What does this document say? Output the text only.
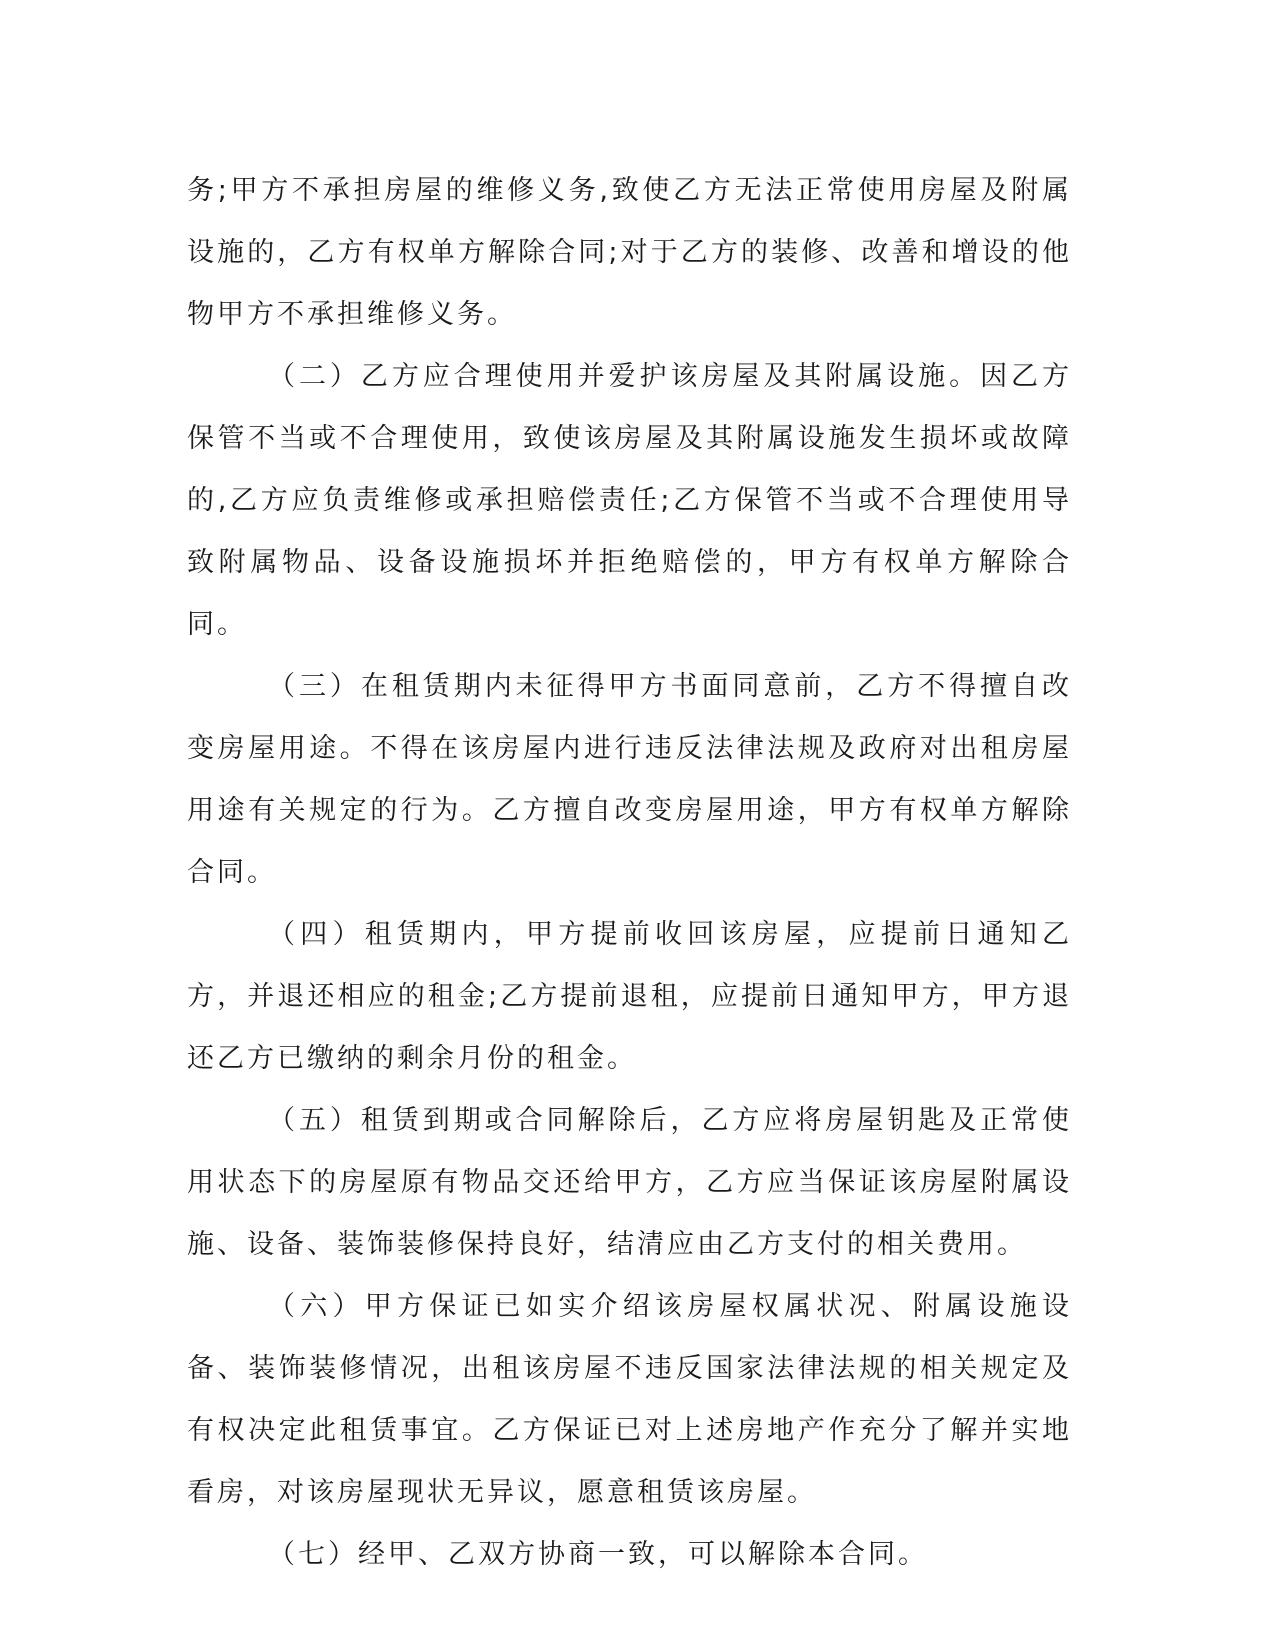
务;甲方不承担房屋的维修义务,致使乙方无法正常使用房屋及附属设施的，乙方有权单方解除合同;对于乙方的装修、改善和增设的他物甲方不承担维修义务。

（二）乙方应合理使用并爱护该房屋及其附属设施。因乙方保管不当或不合理使用，致使该房屋及其附属设施发生损坏或故障的,乙方应负责维修或承担赔偿责任;乙方保管不当或不合理使用导致附属物品、设备设施损坏并拒绝赔偿的，甲方有权单方解除合同。

（三）在租赁期内未征得甲方书面同意前，乙方不得擅自改变房屋用途。不得在该房屋内进行违反法律法规及政府对出租房屋用途有关规定的行为。乙方擅自改变房屋用途，甲方有权单方解除合同。

（四）租赁期内，甲方提前收回该房屋，应提前日通知乙方，并退还相应的租金;乙方提前退租，应提前日通知甲方，甲方退还乙方已缴纳的剩余月份的租金。

（五）租赁到期或合同解除后，乙方应将房屋钥匙及正常使用状态下的房屋原有物品交还给甲方，乙方应当保证该房屋附属设施、设备、装饰装修保持良好，结清应由乙方支付的相关费用。

（六）甲方保证已如实介绍该房屋权属状况、附属设施设备、装饰装修情况，出租该房屋不违反国家法律法规的相关规定及有权决定此租赁事宜。乙方保证已对上述房地产作充分了解并实地看房，对该房屋现状无异议，愿意租赁该房屋。

（七）经甲、乙双方协商一致，可以解除本合同。
